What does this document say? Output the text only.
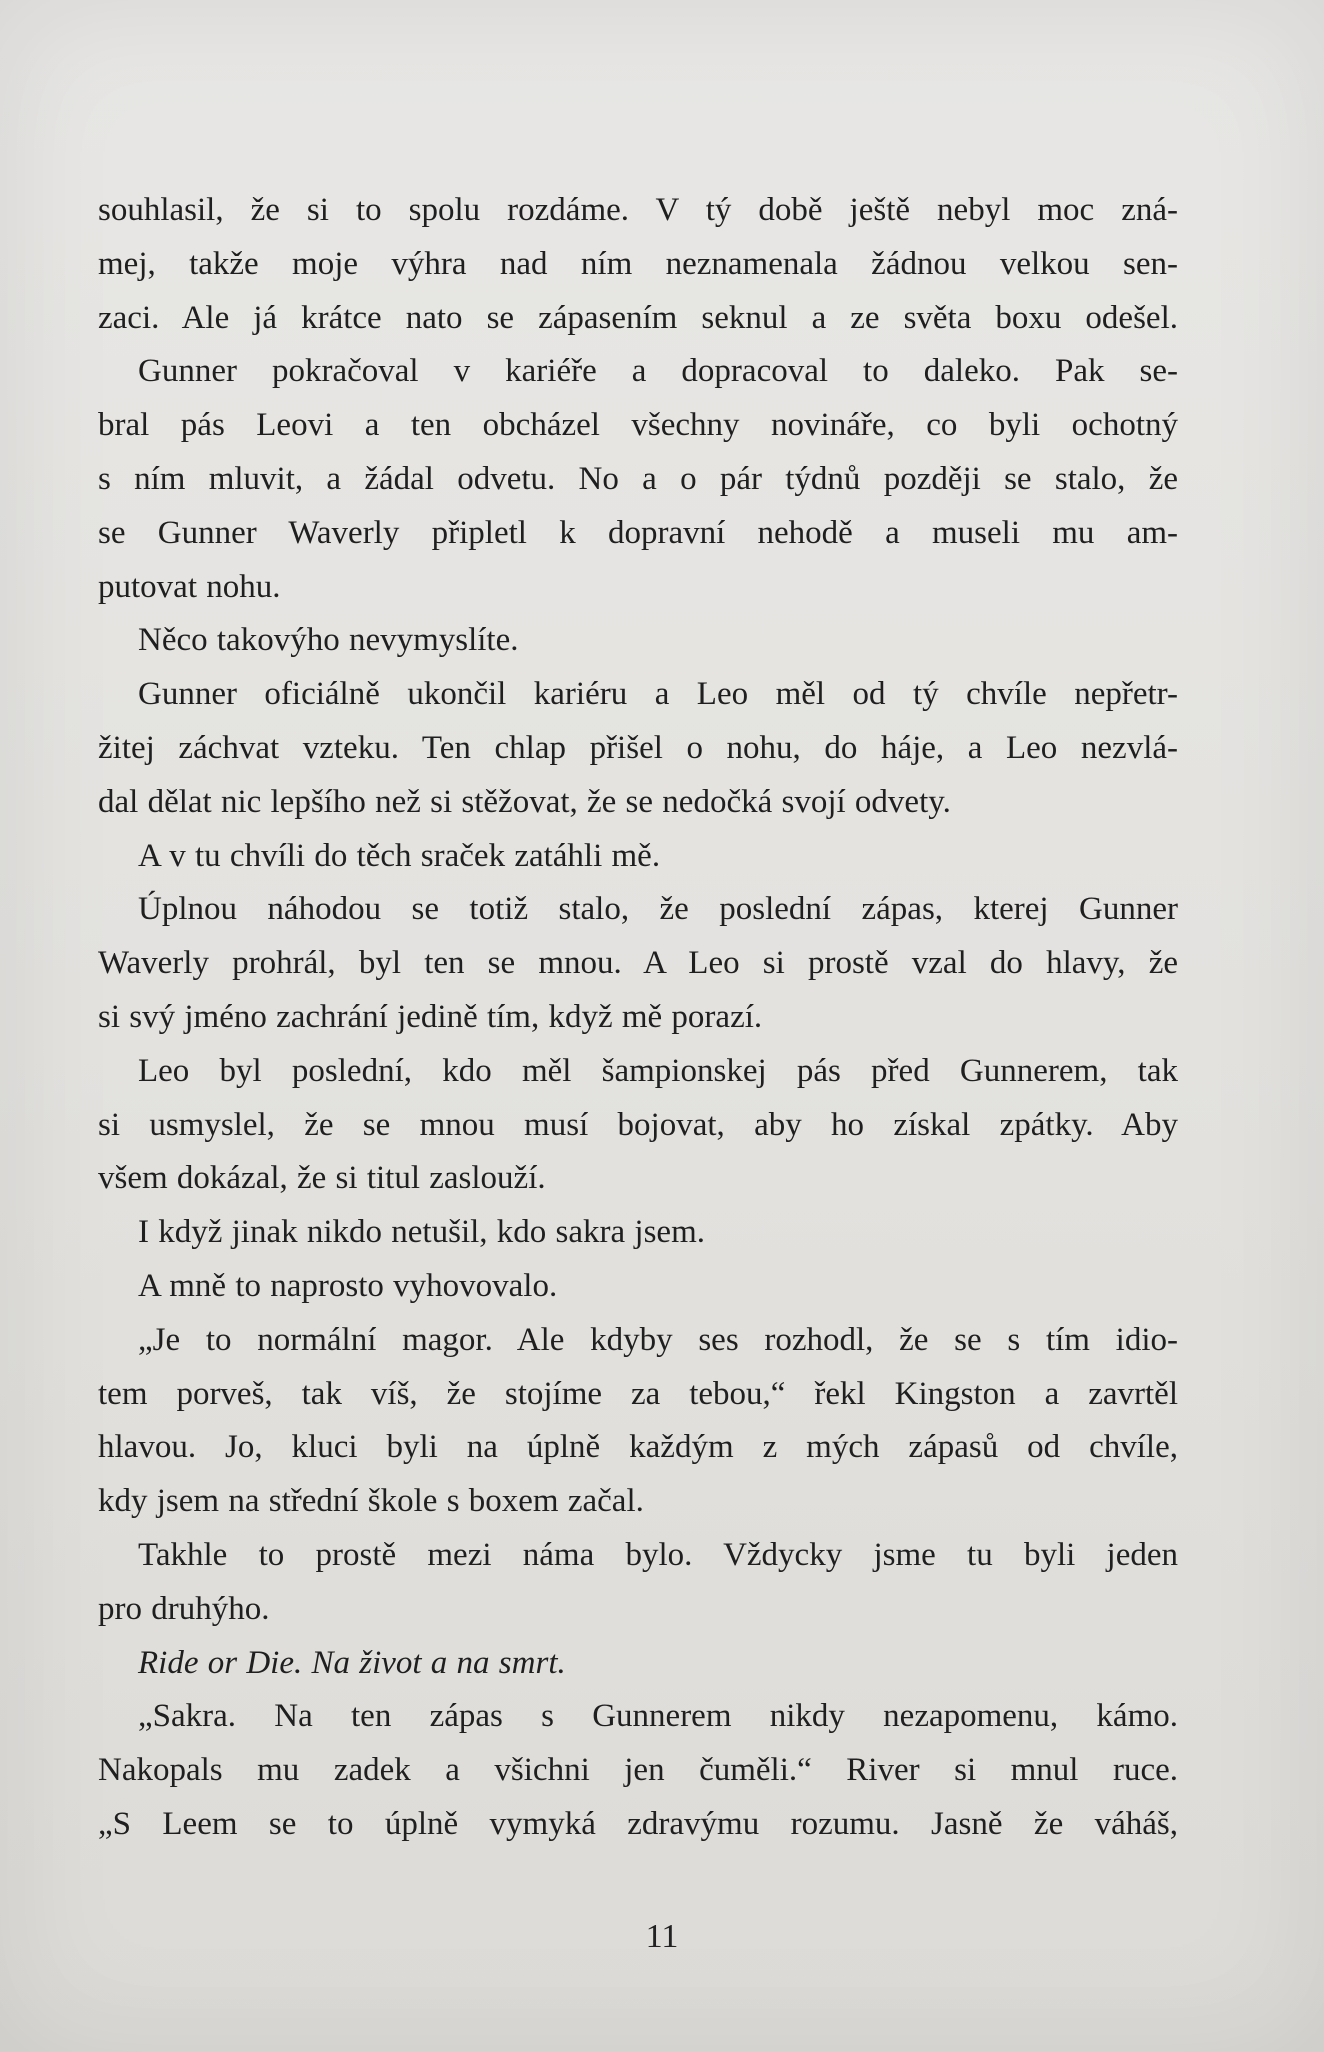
souhlasil, že si to spolu rozdáme. V tý době ještě nebyl moc zná-
mej, takže moje výhra nad ním neznamenala žádnou velkou sen-
zaci. Ale já krátce nato se zápasením seknul a ze světa boxu odešel.
Gunner pokračoval v kariéře a dopracoval to daleko. Pak se-
bral pás Leovi a ten obcházel všechny novináře, co byli ochotný
s ním mluvit, a žádal odvetu. No a o pár týdnů později se stalo, že
se Gunner Waverly připletl k dopravní nehodě a museli mu am-
putovat nohu.
Něco takovýho nevymyslíte.
Gunner oficiálně ukončil kariéru a Leo měl od tý chvíle nepřetr-
žitej záchvat vzteku. Ten chlap přišel o nohu, do háje, a Leo nezvlá-
dal dělat nic lepšího než si stěžovat, že se nedočká svojí odvety.
A v tu chvíli do těch sraček zatáhli mě.
Úplnou náhodou se totiž stalo, že poslední zápas, kterej Gunner
Waverly prohrál, byl ten se mnou. A Leo si prostě vzal do hlavy, že
si svý jméno zachrání jedině tím, když mě porazí.
Leo byl poslední, kdo měl šampionskej pás před Gunnerem, tak
si usmyslel, že se mnou musí bojovat, aby ho získal zpátky. Aby
všem dokázal, že si titul zaslouží.
I když jinak nikdo netušil, kdo sakra jsem.
A mně to naprosto vyhovovalo.
„Je to normální magor. Ale kdyby ses rozhodl, že se s tím idio-
tem porveš, tak víš, že stojíme za tebou,“ řekl Kingston a zavrtěl
hlavou. Jo, kluci byli na úplně každým z mých zápasů od chvíle,
kdy jsem na střední škole s boxem začal.
Takhle to prostě mezi náma bylo. Vždycky jsme tu byli jeden
pro druhýho.
Ride or Die. Na život a na smrt.
„Sakra. Na ten zápas s Gunnerem nikdy nezapomenu, kámo.
Nakopals mu zadek a všichni jen čuměli.“ River si mnul ruce.
„S Leem se to úplně vymyká zdravýmu rozumu. Jasně že váháš,
11
